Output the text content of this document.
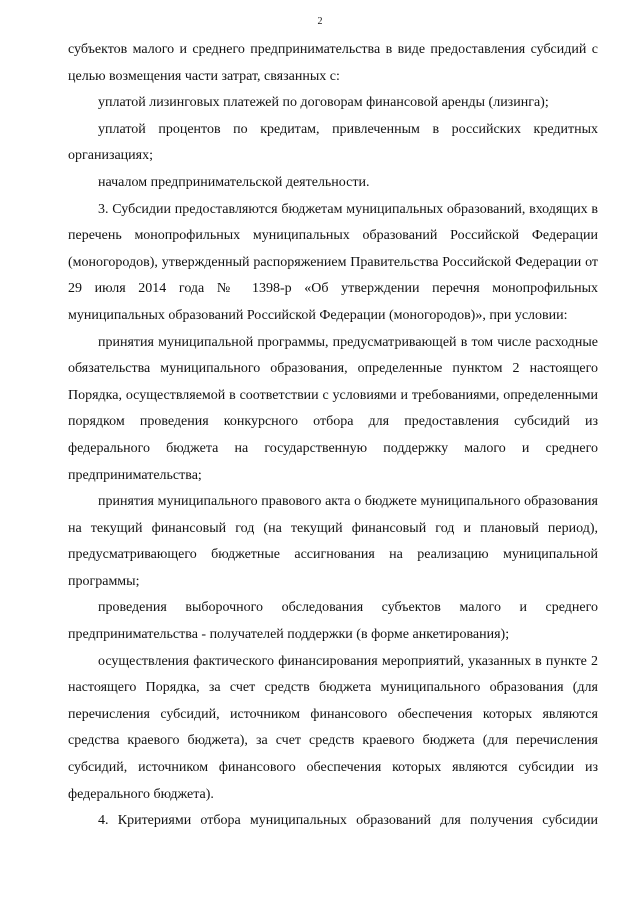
2

субъектов малого и среднего предпринимательства в виде предоставления субсидий с целью возмещения части затрат, связанных с:

уплатой лизинговых платежей по договорам финансовой аренды (лизинга);

уплатой процентов по кредитам, привлеченным в российских кредитных организациях;

началом предпринимательской деятельности.

3. Субсидии предоставляются бюджетам муниципальных образований, входящих в перечень монопрофильных муниципальных образований Российской Федерации (моногородов), утвержденный распоряжением Правительства Российской Федерации от 29 июля 2014 года № 1398-р «Об утверждении перечня монопрофильных муниципальных образований Российской Федерации (моногородов)», при условии:

принятия муниципальной программы, предусматривающей в том числе расходные обязательства муниципального образования, определенные пунктом 2 настоящего Порядка, осуществляемой в соответствии с условиями и требованиями, определенными порядком проведения конкурсного отбора для предоставления субсидий из федерального бюджета на государственную поддержку малого и среднего предпринимательства;

принятия муниципального правового акта о бюджете муниципального образования на текущий финансовый год (на текущий финансовый год и плановый период), предусматривающего бюджетные ассигнования на реализацию муниципальной программы;

проведения выборочного обследования субъектов малого и среднего предпринимательства - получателей поддержки (в форме анкетирования);

осуществления фактического финансирования мероприятий, указанных в пункте 2 настоящего Порядка, за счет средств бюджета муниципального образования (для перечисления субсидий, источником финансового обеспечения которых являются средства краевого бюджета), за счет средств краевого бюджета (для перечисления субсидий, источником финансового обеспечения которых являются субсидии из федерального бюджета).

4. Критериями отбора муниципальных образований для получения субсидии
